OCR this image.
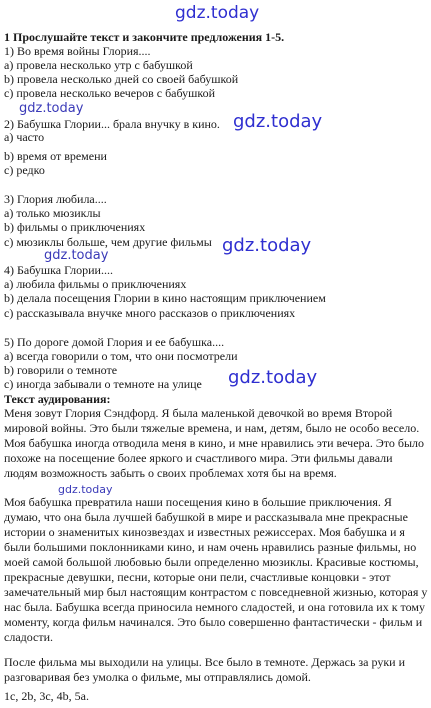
gdz.today
1 Прослушайте текст и закончите предложения 1-5.
1) Во время войны Глория....
a) провела несколько утр с бабушкой
b) провела несколько дней со своей бабушкой
c) провела несколько вечеров с бабушкой
gdz.today
2) Бабушка Глории... брала внучку в кино. gdz.today
а) часто
b) время от времени
c) редко
3) Глория любила....
а) только мюзиклы
b) фильмы о приключениях
c) мюзиклы больше, чем другие фильмы gdz.today
gdz.today
4) Бабушка Глории....
а) любила фильмы о приключениях
b) делала посещения Глории в кино настоящим приключением
c) рассказывала внучке много рассказов о приключениях
5) По дороге домой Глория и ее бабушка....
а) всегда говорили о том, что они посмотрели
b) говорили о темноте
c) иногда забывали о темноте на улице gdz.today
Текст аудирования:

Меня зовут Глория Сэндфорд. Я была маленькой девочкой во время Второй мировой войны. Это были тяжелые времена, и нам, детям, было не особо весело. Моя бабушка иногда отводила меня в кино, и мне нравились эти вечера. Это было похоже на посещение более яркого и счастливого мира. Эти фильмы давали людям возможность забыть о своих проблемах хотя бы на время.

gdz.today

Моя бабушка превратила наши посещения кино в большие приключения. Я думаю, что она была лучшей бабушкой в мире и рассказывала мне прекрасные истории о знаменитых кинозвездах и известных режиссерах. Моя бабушка и я были большими поклонниками кино, и нам очень нравились разные фильмы, но моей самой большой любовью были определенно мюзиклы. Красивые костюмы, прекрасные девушки, песни, которые они пели, счастливые концовки - этот замечательный мир был настоящим контрастом с повседневной жизнью, которая у нас была. Бабушка всегда приносила немного сладостей, и она готовила их к тому моменту, когда фильм начинался. Это было совершенно фантастически - фильм и сладости.

После фильма мы выходили на улицы. Все было в темноте. Держась за руки и разговаривая без умолка о фильме, мы отправлялись домой.

1c, 2b, 3c, 4b, 5a.
